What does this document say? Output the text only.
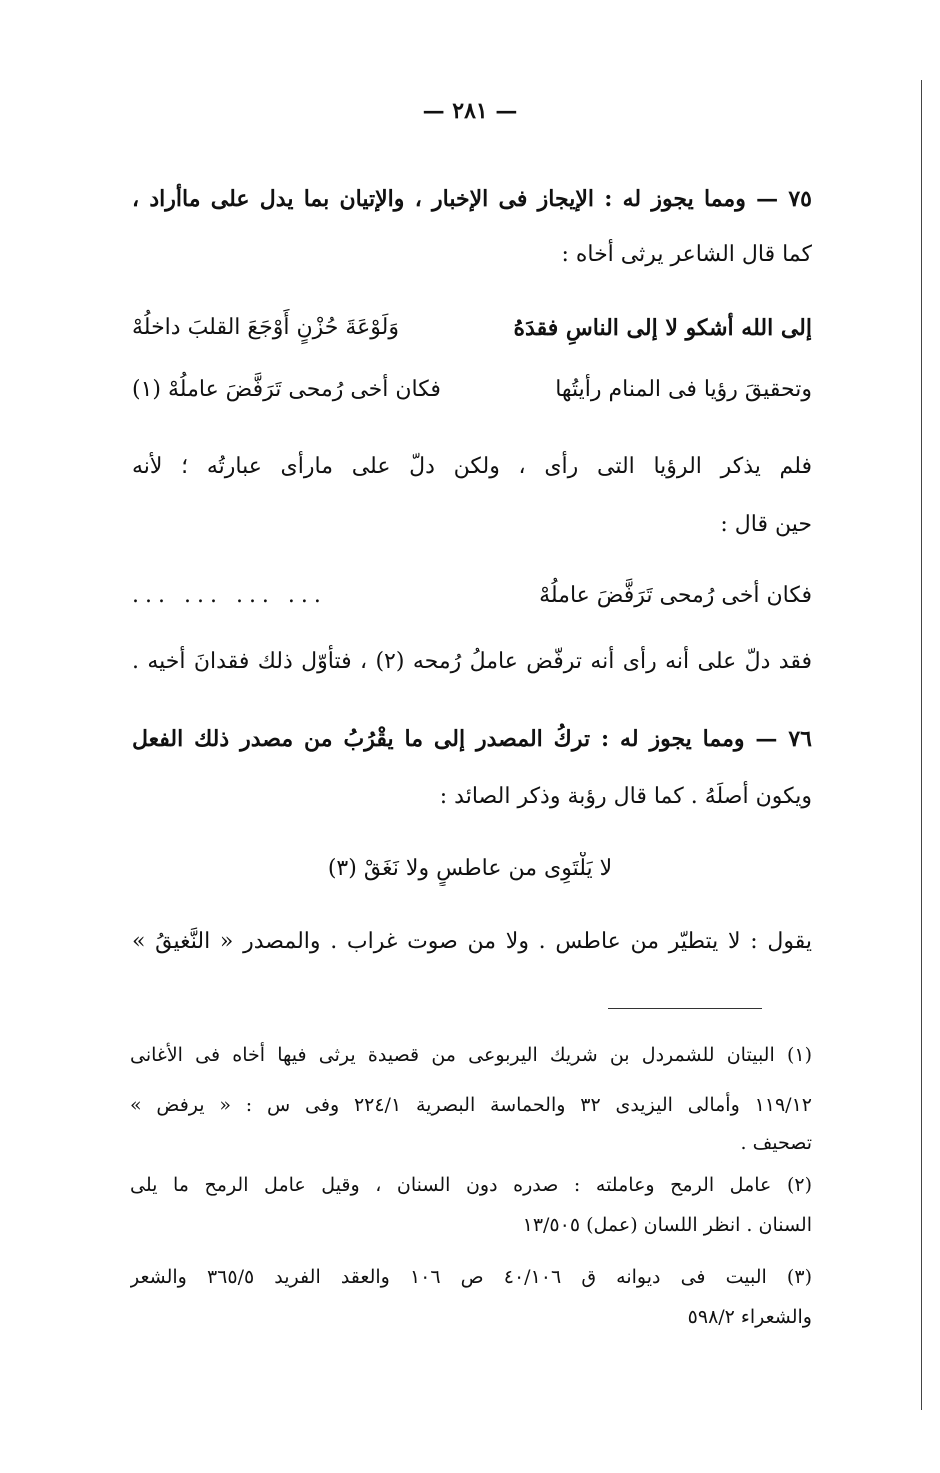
— ٢٨١ —
٧٥ — ومما يجوز له : الإيجاز فى الإخبار ، والإتيان بما يدل على ماأراد ،
كما قال الشاعر يرثى أخاه :
إلى الله أشكو لا إلى الناسِ فقدَهُ
وَلَوْعَةَ حُزْنٍ أَوْجَعَ القلبَ داخلُهْ
وتحقيقَ رؤيا فى المنام رأيتُها
فكان أخى رُمحى تَرَفَّضَ عاملُهْ (١)
فلم يذكر الرؤيا التى رأى ، ولكن دلّ على مارأى عبارتُه ؛ لأنه
حين قال :
فكان أخى رُمحى تَرَفَّضَ عاملُهْ
... ... ... ...
فقد دلّ على أنه رأى أنه ترفّض عاملُ رُمحه (٢) ، فتأوّل ذلك فقدانَ أخيه .
٧٦ — ومما يجوز له : تركُ المصدر إلى ما يقْرُبُ من مصدر ذلك الفعل
ويكون أصلَهُ . كما قال رؤبة وذكر الصائد :
لا يَلْتَوِى من عاطسٍ ولا نَغَقْ (٣)
يقول : لا يتطيّر من عاطس . ولا من صوت غراب . والمصدر « النَّغيقُ »
(١) البيتان للشمردل بن شريك اليربوعى من قصيدة يرثى فيها أخاه فى الأغانى
١١٩/١٢ وأمالى اليزيدى ٣٢ والحماسة البصرية ٢٢٤/١ وفى س : « يرفض »
تصحيف .
(٢) عامل الرمح وعاملته : صدره دون السنان ، وقيل عامل الرمح ما يلى
السنان . انظر اللسان (عمل) ١٣/٥٠٥
(٣) البيت فى ديوانه ق ٤٠/١٠٦ ص ١٠٦ والعقد الفريد ٣٦٥/٥ والشعر
والشعراء ٥٩٨/٢
